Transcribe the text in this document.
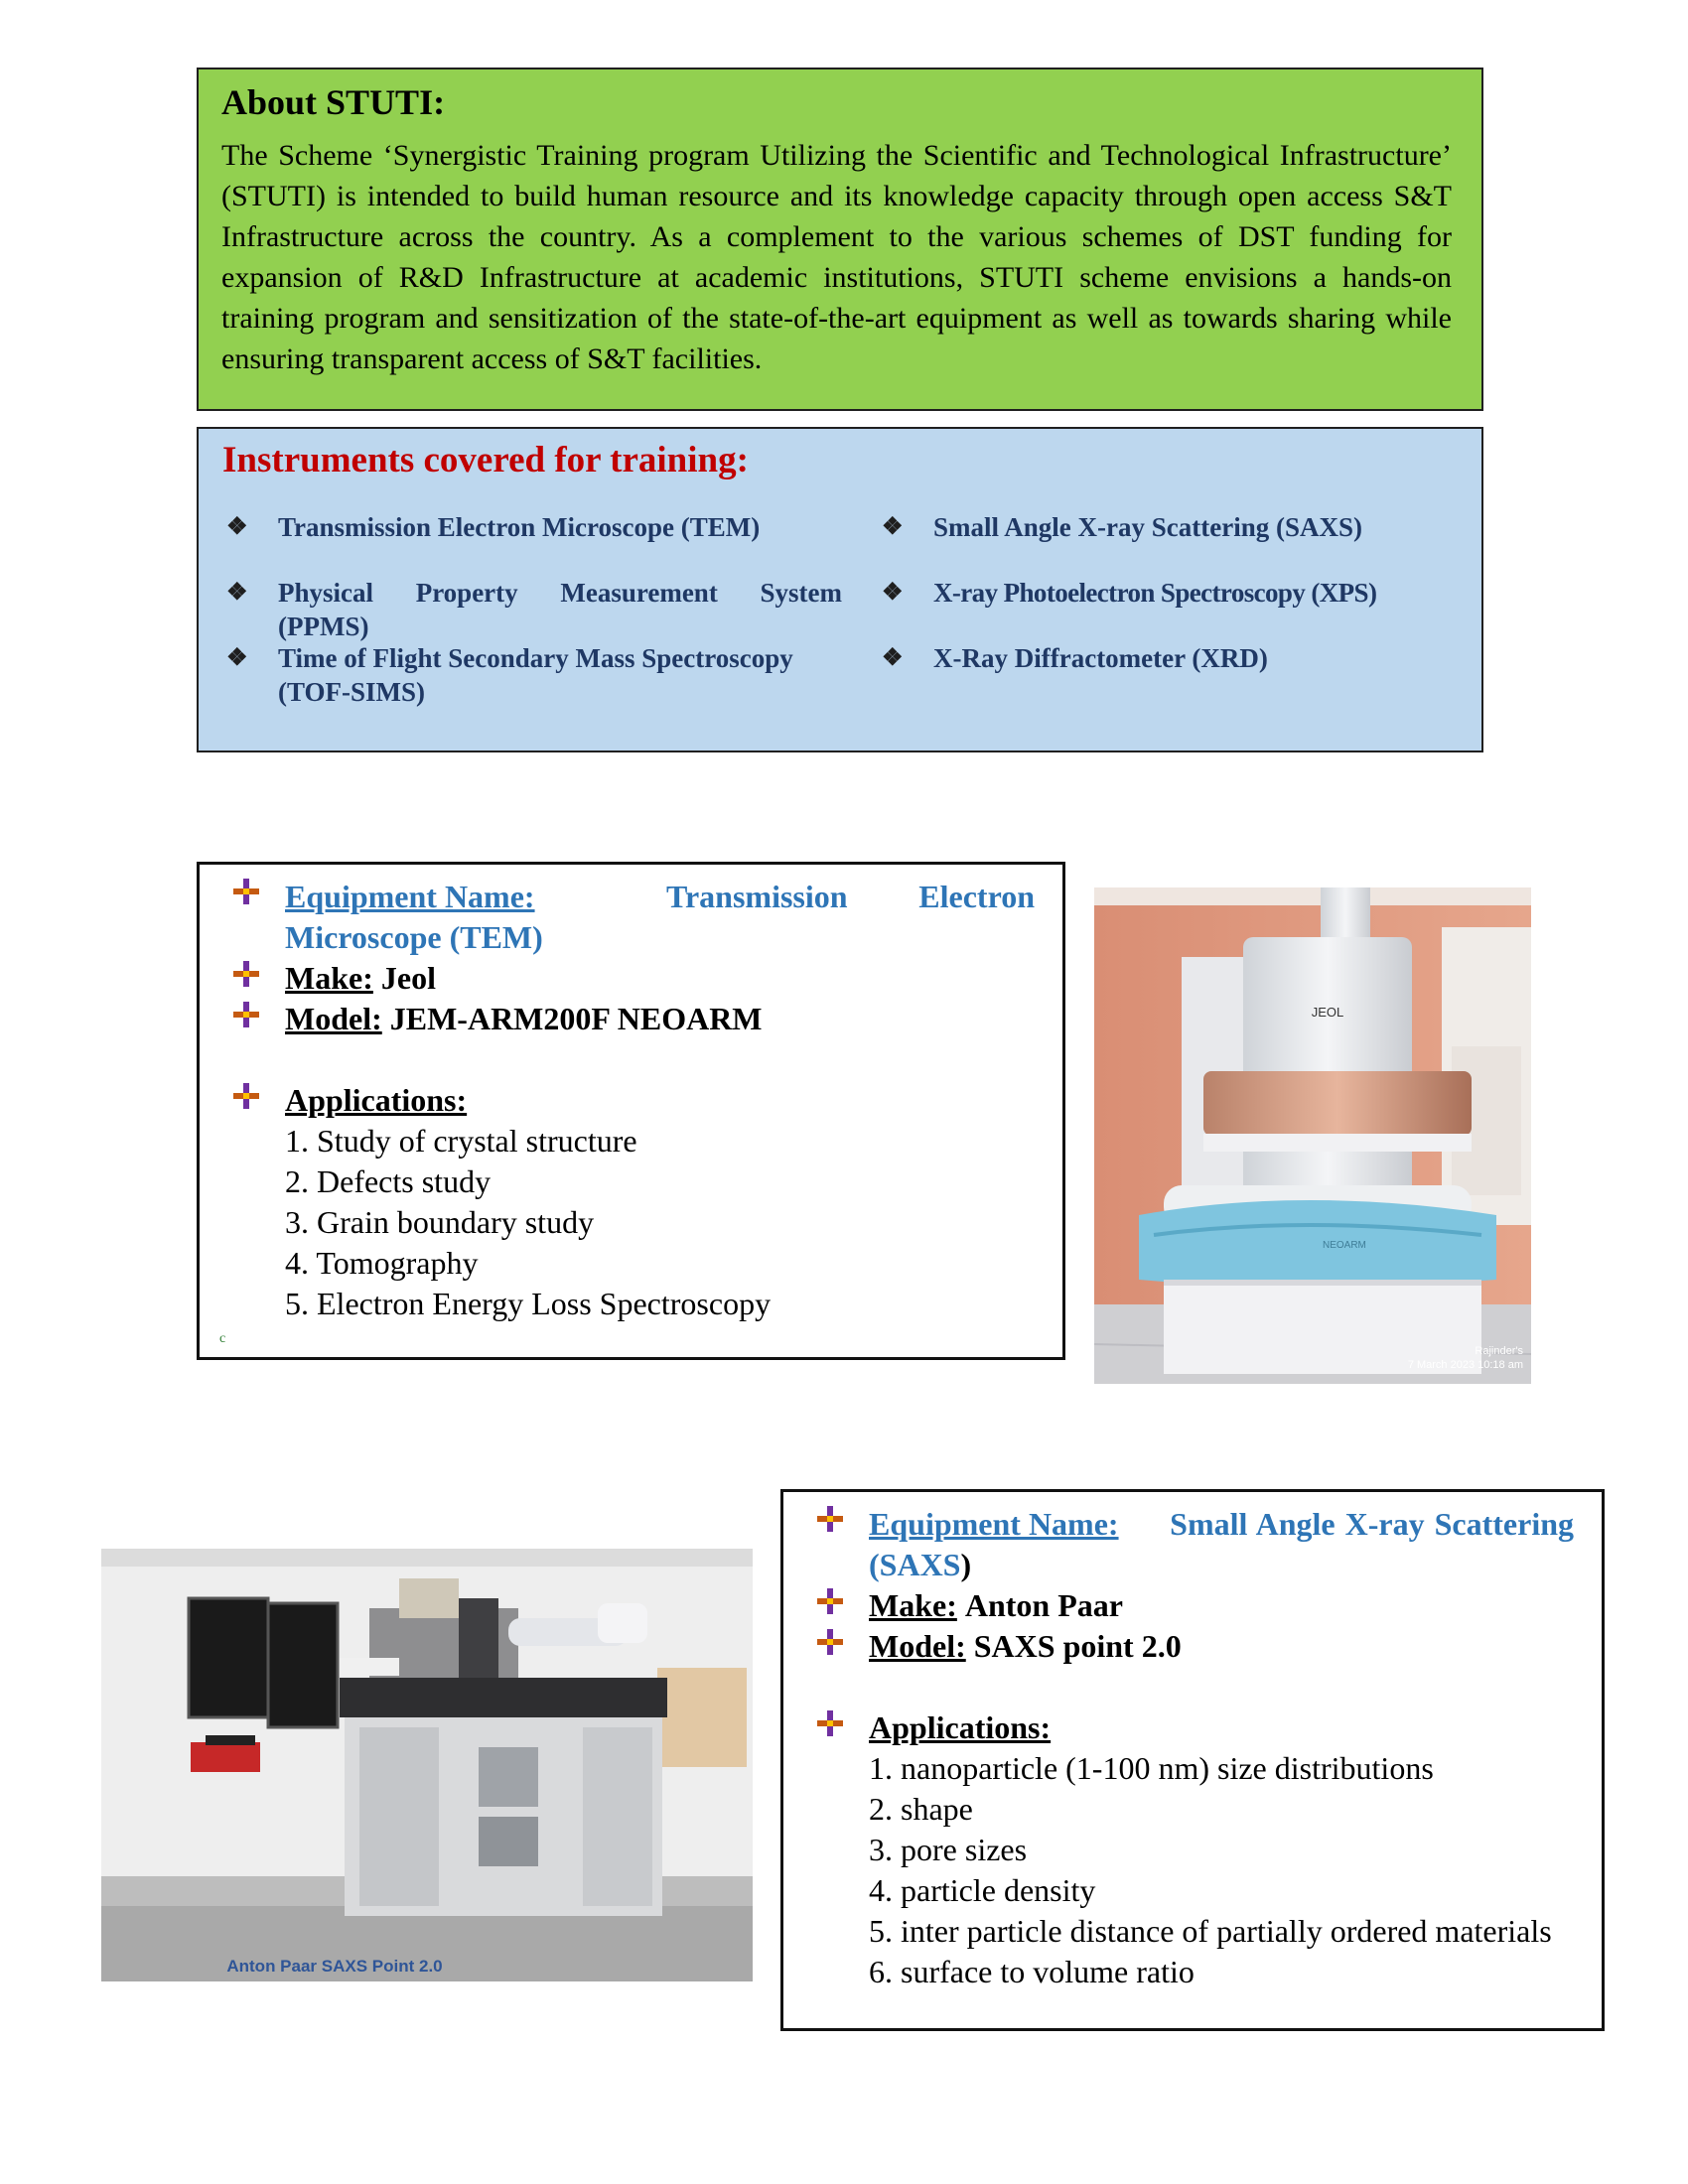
About STUTI:

The Scheme ‘Synergistic Training program Utilizing the Scientific and Technological Infrastructure’ (STUTI) is intended to build human resource and its knowledge capacity through open access S&T Infrastructure across the country. As a complement to the various schemes of DST funding for expansion of R&D Infrastructure at academic institutions, STUTI scheme envisions a hands-on training program and sensitization of the state-of-the-art equipment as well as towards sharing while ensuring transparent access of S&T facilities.

Instruments covered for training:
❖	Transmission Electron Microscope (TEM)
❖	Physical Property Measurement System
(PPMS)
❖	Time of Flight Secondary Mass Spectroscopy
(TOF-SIMS)
❖	Small Angle X-ray Scattering (SAXS)
❖	X-ray Photoelectron Spectroscopy (XPS)
❖	X-Ray Diffractometer (XRD)
Equipment Name:	Transmission Electron
Microscope (TEM)
Make: Jeol
Model: JEM-ARM200F NEOARM
Applications:
1. Study of crystal structure
2. Defects study
3. Grain boundary study
4. Tomography
5. Electron Energy Loss Spectroscopy
c
JEOL
NEOARM
Rajinder's
7 March 2023 10:18 am
Anton Paar SAXS Point 2.0
Equipment Name: Small Angle X-ray Scattering
(SAXS)
Make: Anton Paar
Model: SAXS point 2.0
Applications:
1. nanoparticle (1-100 nm) size distributions
2. shape
3. pore sizes
4. particle density
5. inter particle distance of partially ordered materials
6. surface to volume ratio
